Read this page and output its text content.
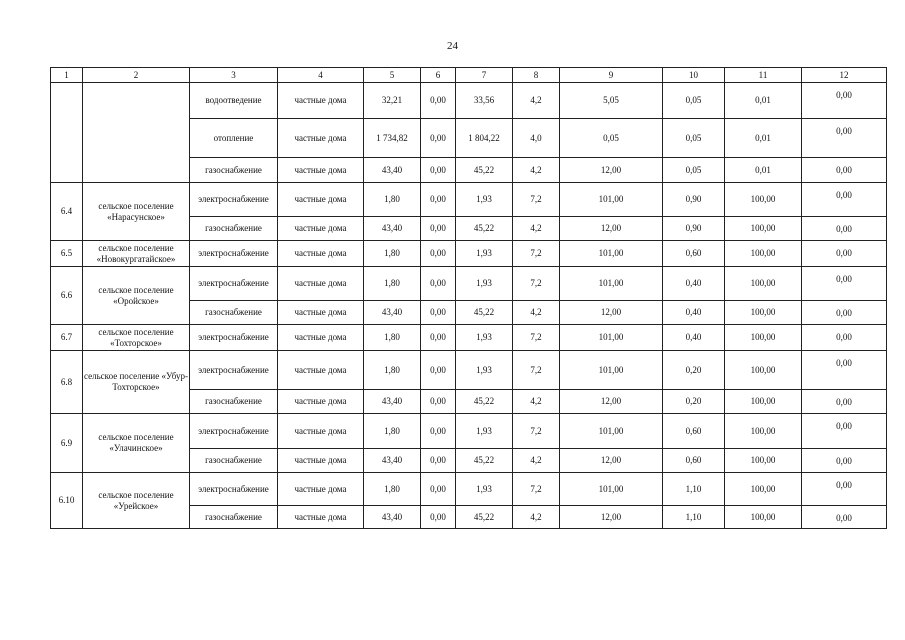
24
1	2	3	4	5	6	7	8	9	10	11	12
		водоотведение	частные дома	32,21	0,00	33,56	4,2	5,05	0,05	0,01	0,00
		отопление	частные дома	1 734,82	0,00	1 804,22	4,0	0,05	0,05	0,01	0,00
		газоснабжение	частные дома	43,40	0,00	45,22	4,2	12,00	0,05	0,01	0,00
6.4	сельское поселение «Нарасунское»	электроснабжение	частные дома	1,80	0,00	1,93	7,2	101,00	0,90	100,00	0,00
		газоснабжение	частные дома	43,40	0,00	45,22	4,2	12,00	0,90	100,00	0,00
6.5	сельское поселение «Новокургатайское»	электроснабжение	частные дома	1,80	0,00	1,93	7,2	101,00	0,60	100,00	0,00
6.6	сельское поселение «Оройское»	электроснабжение	частные дома	1,80	0,00	1,93	7,2	101,00	0,40	100,00	0,00
		газоснабжение	частные дома	43,40	0,00	45,22	4,2	12,00	0,40	100,00	0,00
6.7	сельское поселение «Тохторское»	электроснабжение	частные дома	1,80	0,00	1,93	7,2	101,00	0,40	100,00	0,00
6.8	сельское поселение «Убур-Тохторское»	электроснабжение	частные дома	1,80	0,00	1,93	7,2	101,00	0,20	100,00	0,00
		газоснабжение	частные дома	43,40	0,00	45,22	4,2	12,00	0,20	100,00	0,00
6.9	сельское поселение «Улачинское»	электроснабжение	частные дома	1,80	0,00	1,93	7,2	101,00	0,60	100,00	0,00
		газоснабжение	частные дома	43,40	0,00	45,22	4,2	12,00	0,60	100,00	0,00
6.10	сельское поселение «Урейское»	электроснабжение	частные дома	1,80	0,00	1,93	7,2	101,00	1,10	100,00	0,00
		газоснабжение	частные дома	43,40	0,00	45,22	4,2	12,00	1,10	100,00	0,00
